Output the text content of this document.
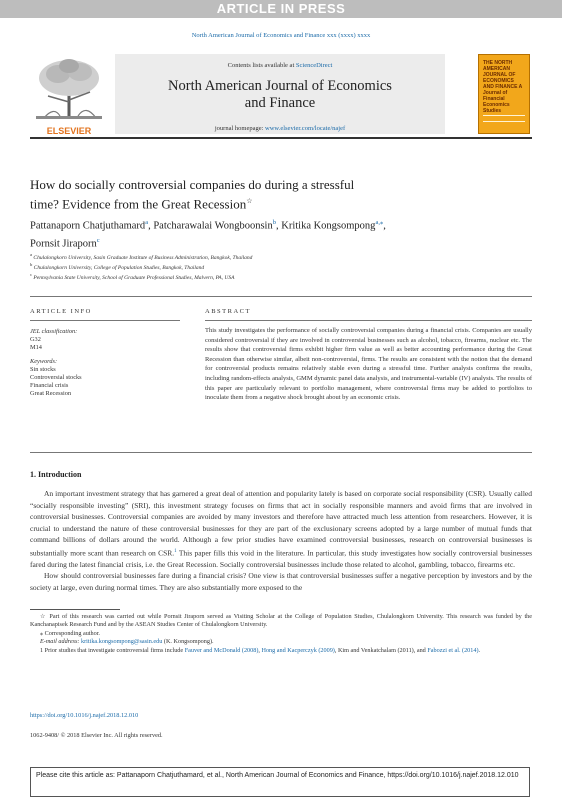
ARTICLE IN PRESS
North American Journal of Economics and Finance xxx (xxxx) xxxx
ELSEVIER
Contents lists available at ScienceDirect
North American Journal of Economics
and Finance
journal homepage: www.elsevier.com/locate/najef
THE NORTH AMERICAN JOURNAL OF ECONOMICS AND FINANCE A Journal of Financial Economics Studies
How do socially controversial companies do during a stressful
time? Evidence from the Great Recession☆
Pattanaporn Chatjuthamard$^a$, Patcharawalai Wongboonsin$^b$, Kritika Kongsompong$^{a,⁎}$,
Pornsit Jiraporn$^c$
$^a$ Chulalongkorn University, Sasin Graduate Institute of Business Administration, Bangkok, Thailand
$^b$ Chulalongkorn University, College of Population Studies, Bangkok, Thailand
$^c$ Pennsylvania State University, School of Graduate Professional Studies, Malvern, PA, USA
ARTICLE INFO	ABSTRACT
JEL classification:
G32
M14
Keywords:
Sin stocks
Controversial stocks
Financial crisis
Great Recession
This study investigates the performance of socially controversial companies during a financial crisis. Companies are usually considered controversial if they are involved in controversial businesses such as alcohol, tobacco, firearms, nuclear etc. The results show that controversial firms exhibit higher firm value as well as better accounting performance during the Great Recession than otherwise similar, albeit non-controversial, firms. The results are consistent with the notion that the demand for controversial products remains relatively stable even during a stressful time. Further analysis confirms the results, including random-effects analysis, GMM dynamic panel data analysis, and instrumental-variable (IV) analysis. The results of this paper are particularly relevant to portfolio management, where controversial firms may be added to portfolios to inoculate them from a negative shock brought about by an economic crisis.
1. Introduction

An important investment strategy that has garnered a great deal of attention and popularity lately is based on corporate social responsibility (CSR). Usually called “socially responsible investing” (SRI), this investment strategy focuses on firms that act in socially responsible manners and avoid firms that are involved in controversial businesses. Controversial companies are avoided by many investors and therefore have attracted much less attention from researchers. However, it is crucial to understand the nature of these controversial businesses for they are part of the exclusionary screens adopted by a large number of mutual funds that command billions of dollars around the world. Although a few prior studies have examined controversial businesses, research on controversial businesses is substantially more scant than research on CSR.$^1$ This paper fills this void in the literature. In particular, this study investigates how socially controversial businesses fared during the latest financial crisis, i.e. the Great Recession. Socially controversial businesses include those related to alcohol, gambling, tobacco, firearms etc.

How should controversial businesses fare during a financial crisis? One view is that controversial businesses suffer a negative perception by investors and by the society at large, even during normal times. They are also substantially more exposed to the

☆ Part of this research was carried out while Pornsit Jiraporn served as Visiting Scholar at the College of Population Studies, Chulalongkorn University. This research was funded by the Kanchanapisek Research Fund and by the ASEAN Studies Center of Chulalongkorn University.

⁎ Corresponding author.

E-mail address: kritika.kongsompong@sasin.edu (K. Kongsompong).

1 Prior studies that investigate controversial firms include Fauver and McDonald (2008), Hong and Kacperczyk (2009), Kim and Venkatchalam (2011), and Fabozzi et al. (2014).

https://doi.org/10.1016/j.najef.2018.12.010
1062-9408/ © 2018 Elsevier Inc. All rights reserved.
Please cite this article as: Pattanaporn Chatjuthamard, et al., North American Journal of Economics and Finance, https://doi.org/10.1016/j.najef.2018.12.010
